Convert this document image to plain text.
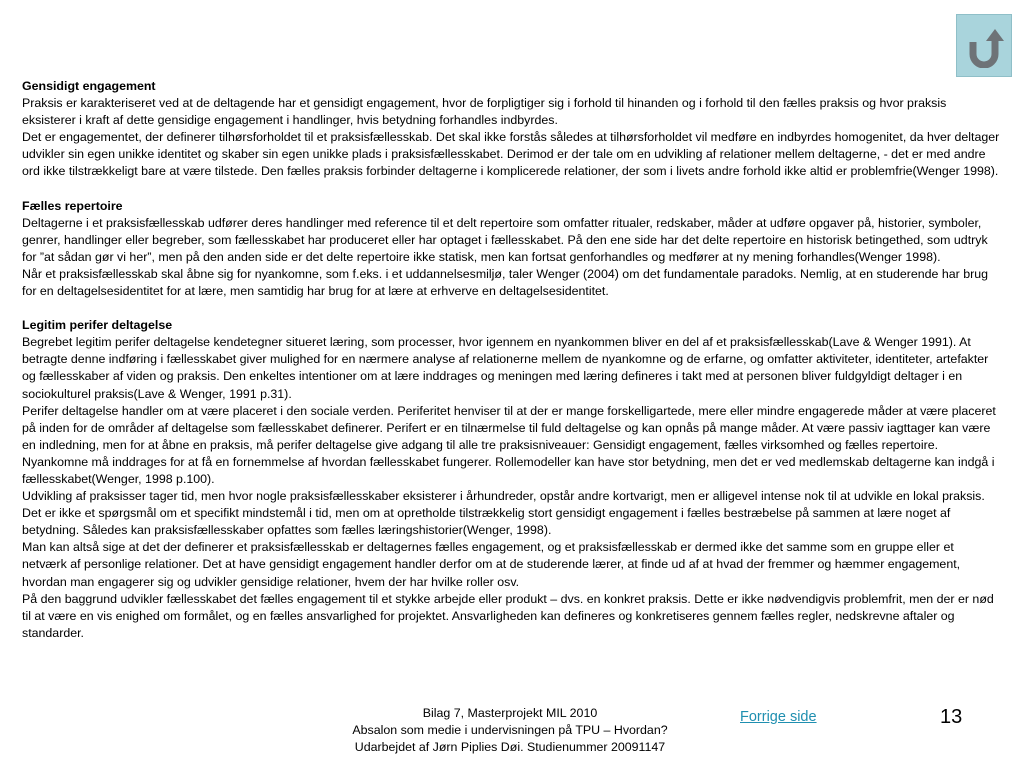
Gensidigt engagement

Praksis er karakteriseret ved at de deltagende har et gensidigt engagement, hvor de forpligtiger sig i forhold til hinanden og i forhold til den fælles praksis og hvor praksis eksisterer i kraft af dette gensidige engagement i handlinger, hvis betydning forhandles indbyrdes.

Det er engagementet, der definerer tilhørsforholdet til et praksisfællesskab. Det skal ikke forstås således at tilhørsforholdet vil medføre en indbyrdes homogenitet, da hver deltager udvikler sin egen unikke identitet og skaber sin egen unikke plads i praksisfællesskabet. Derimod er der tale om en udvikling af relationer mellem deltagerne, - det er med andre ord ikke tilstrækkeligt bare at være tilstede. Den fælles praksis forbinder deltagerne i komplicerede relationer, der som i livets andre forhold ikke altid er problemfrie(Wenger 1998).

Fælles repertoire

Deltagerne i et praksisfællesskab udfører deres handlinger med reference til et delt repertoire som omfatter ritualer, redskaber, måder at udføre opgaver på, historier, symboler, genrer, handlinger eller begreber, som fællesskabet har produceret eller har optaget i fællesskabet. På den ene side har det delte repertoire en historisk betingethed, som udtryk for ”at sådan gør vi her”, men på den anden side er det delte repertoire ikke statisk, men kan fortsat genforhandles og medfører at ny mening forhandles(Wenger 1998).

Når et praksisfællesskab skal åbne sig for nyankomne, som f.eks. i et uddannelsesmiljø, taler Wenger (2004) om det fundamentale paradoks. Nemlig, at en studerende har brug for en deltagelsesidentitet for at lære, men samtidig har brug for at lære at erhverve en deltagelsesidentitet.

Legitim perifer deltagelse

Begrebet legitim perifer deltagelse kendetegner situeret læring, som processer, hvor igennem en nyankommen bliver en del af et praksisfællesskab(Lave & Wenger 1991). At betragte denne indføring i fællesskabet giver mulighed for en nærmere analyse af relationerne mellem de nyankomne og de erfarne, og omfatter aktiviteter, identiteter, artefakter og fællesskaber af viden og praksis. Den enkeltes intentioner om at lære inddrages og meningen med læring defineres i takt med at personen bliver fuldgyldigt deltager i en sociokulturel praksis(Lave & Wenger, 1991 p.31).

Perifer deltagelse handler om at være placeret i den sociale verden. Periferitet henviser til at der er mange forskelligartede, mere eller mindre engagerede måder at være placeret på inden for de områder af deltagelse som fællesskabet definerer. Perifert er en tilnærmelse til fuld deltagelse og kan opnås på mange måder. At være passiv iagttager kan være en indledning, men for at åbne en praksis, må perifer deltagelse give adgang til alle tre praksisniveauer: Gensidigt engagement, fælles virksomhed og fælles repertoire.

Nyankomne må inddrages for at få en fornemmelse af hvordan fællesskabet fungerer. Rollemodeller kan have stor betydning, men det er ved medlemskab deltagerne kan indgå i fællesskabet(Wenger, 1998 p.100).

Udvikling af praksisser tager tid, men hvor nogle praksisfællesskaber eksisterer i århundreder, opstår andre kortvarigt, men er alligevel intense nok til at udvikle en lokal praksis. Det er ikke et spørgsmål om et specifikt mindstemål i tid, men om at opretholde tilstrækkelig stort gensidigt engagement i fælles bestræbelse på sammen at lære noget af betydning. Således kan praksisfællesskaber opfattes som fælles læringshistorier(Wenger, 1998).

Man kan altså sige at det der definerer et praksisfællesskab er deltagernes fælles engagement, og et praksisfællesskab er dermed ikke det samme som en gruppe eller et netværk af personlige relationer. Det at have gensidigt engagement handler derfor om at de studerende lærer, at finde ud af at hvad der fremmer og hæmmer engagement, hvordan man engagerer sig og udvikler gensidige relationer, hvem der har hvilke roller osv.

På den baggrund udvikler fællesskabet det fælles engagement til et stykke arbejde eller produkt – dvs. en konkret praksis. Dette er ikke nødvendigvis problemfrit, men der er nød til at være en vis enighed om formålet, og en fælles ansvarlighed for projektet. Ansvarligheden kan defineres og konkretiseres gennem fælles regler, nedskrevne aftaler og standarder.

Bilag 7, Masterprojekt MIL 2010
Absalon som medie i undervisningen på TPU – Hvordan?
Udarbejdet af Jørn Piplies Døi. Studienummer 20091147
Forrige side	13
